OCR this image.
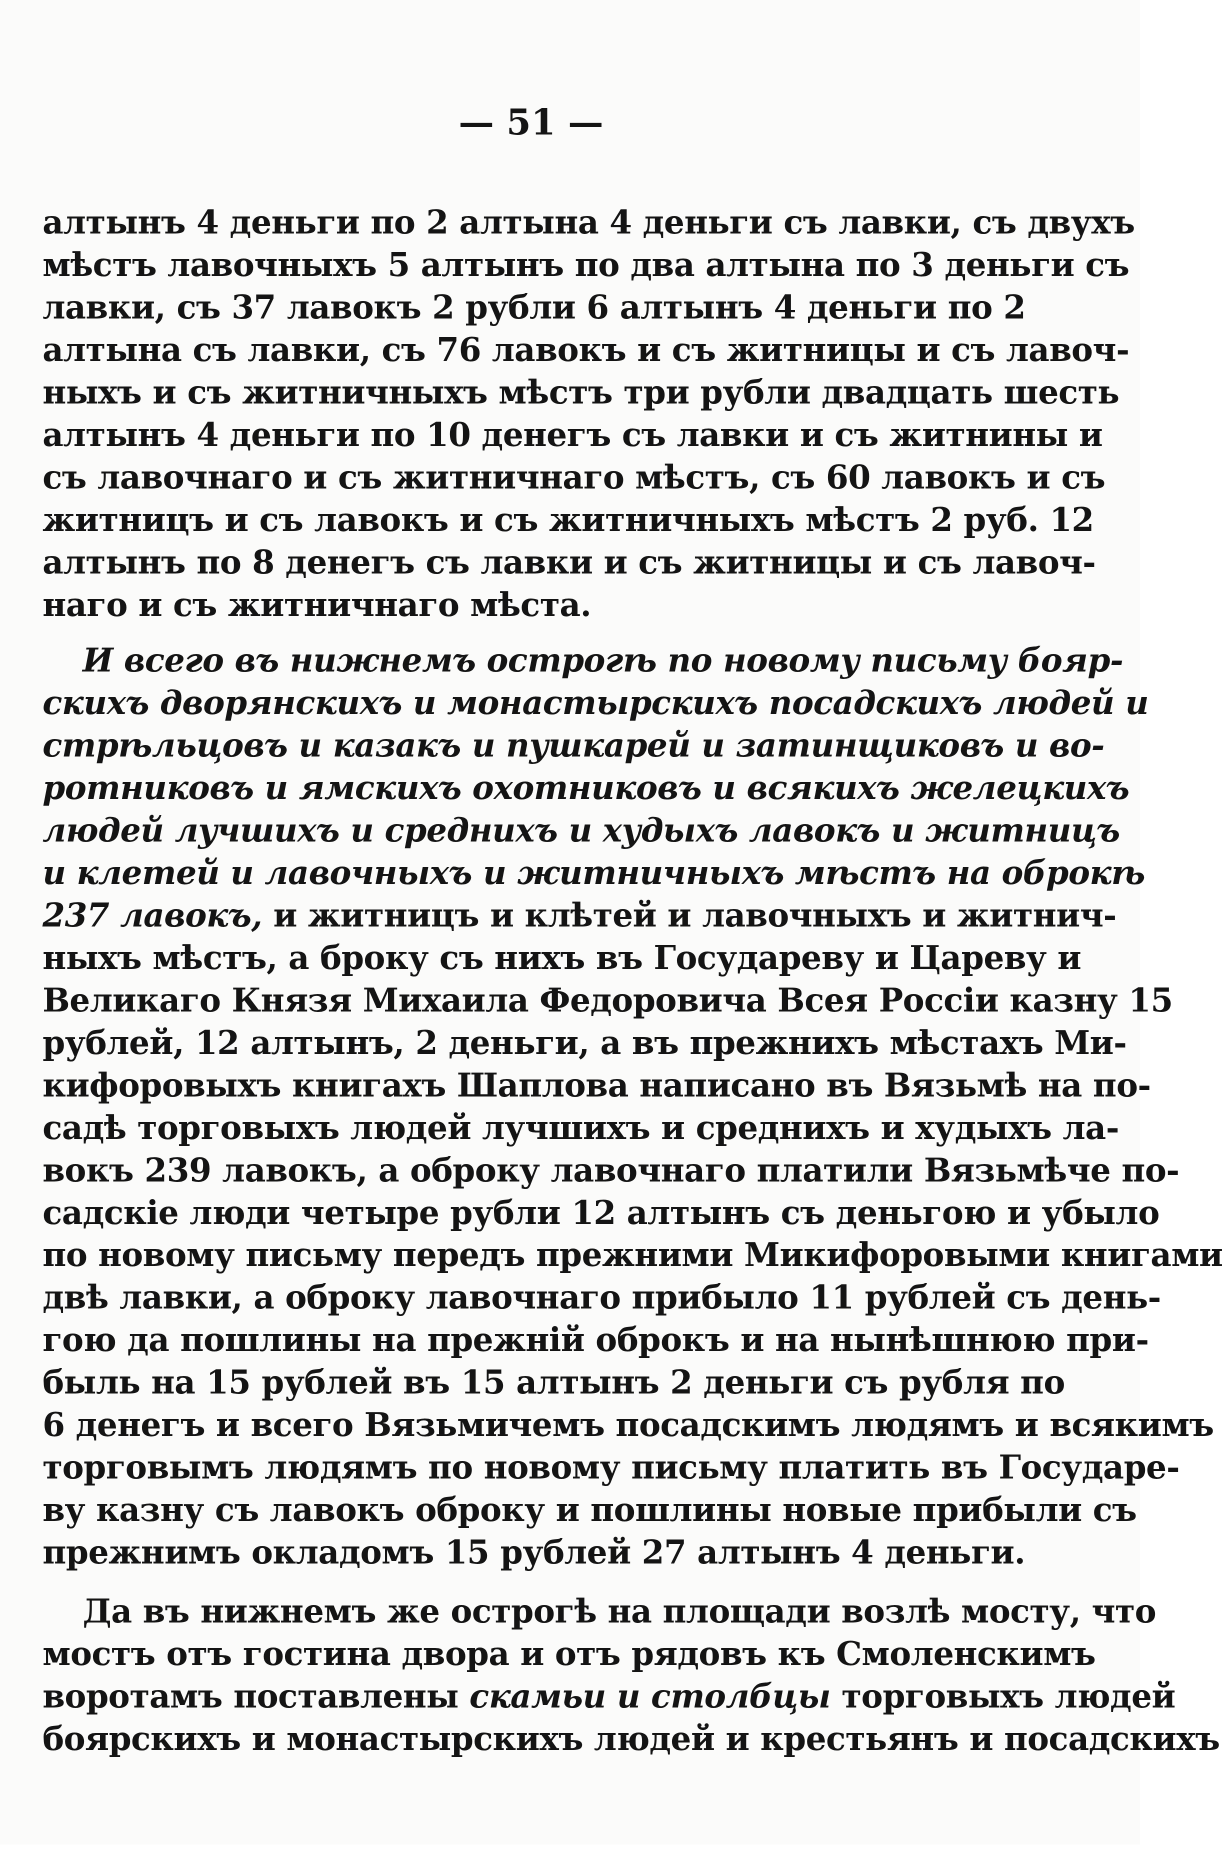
— 51 —
алтынъ 4 деньги по 2 алтына 4 деньги съ лавки, съ двухъ
мѣстъ лавочныхъ 5 алтынъ по два алтына по 3 деньги съ
лавки, съ 37 лавокъ 2 рубли 6 алтынъ 4 деньги по 2
алтына съ лавки, съ 76 лавокъ и съ житницы и съ лавоч-
ныхъ и съ житничныхъ мѣстъ три рубли двадцать шесть
алтынъ 4 деньги по 10 денегъ съ лавки и съ житнины и
съ лавочнаго и съ житничнаго мѣстъ, съ 60 лавокъ и съ
житницъ и съ лавокъ и съ житничныхъ мѣстъ 2 руб. 12
алтынъ по 8 денегъ съ лавки и съ житницы и съ лавоч-
наго и съ житничнаго мѣста.
И всего въ нижнемъ острогѣ по новому письму бояр-
скихъ дворянскихъ и монастырскихъ посадскихъ людей и
стрѣльцовъ и казакъ и пушкарей и затинщиковъ и во-
ротниковъ и ямскихъ охотниковъ и всякихъ желецкихъ
людей лучшихъ и среднихъ и худыхъ лавокъ и житницъ
и клетей и лавочныхъ и житничныхъ мѣстъ на оброкѣ
237 лавокъ, и житницъ и клѣтей и лавочныхъ и житнич-
ныхъ мѣстъ, а броку съ нихъ въ Государеву и Цареву и
Великаго Князя Михаила Федоровича Всея Россіи казну 15
рублей, 12 алтынъ, 2 деньги, а въ прежнихъ мѣстахъ Ми-
кифоровыхъ книгахъ Шаплова написано въ Вязьмѣ на по-
садѣ торговыхъ людей лучшихъ и среднихъ и худыхъ ла-
вокъ 239 лавокъ, а оброку лавочнаго платили Вязьмѣче по-
садскіе люди четыре рубли 12 алтынъ съ деньгою и убыло
по новому письму передъ прежними Микифоровыми книгами
двѣ лавки, а оброку лавочнаго прибыло 11 рублей съ день-
гою да пошлины на прежній оброкъ и на нынѣшнюю при-
быль на 15 рублей въ 15 алтынъ 2 деньги съ рубля по
6 денегъ и всего Вязьмичемъ посадскимъ людямъ и всякимъ
торговымъ людямъ по новому письму платить въ Государе-
ву казну съ лавокъ оброку и пошлины новые прибыли съ
прежнимъ окладомъ 15 рублей 27 алтынъ 4 деньги.
Да въ нижнемъ же острогѣ на площади возлѣ мосту, что
мостъ отъ гостина двора и отъ рядовъ къ Смоленскимъ
воротамъ поставлены скамьи и столбцы торговыхъ людей
боярскихъ и монастырскихъ людей и крестьянъ и посадскихъ
